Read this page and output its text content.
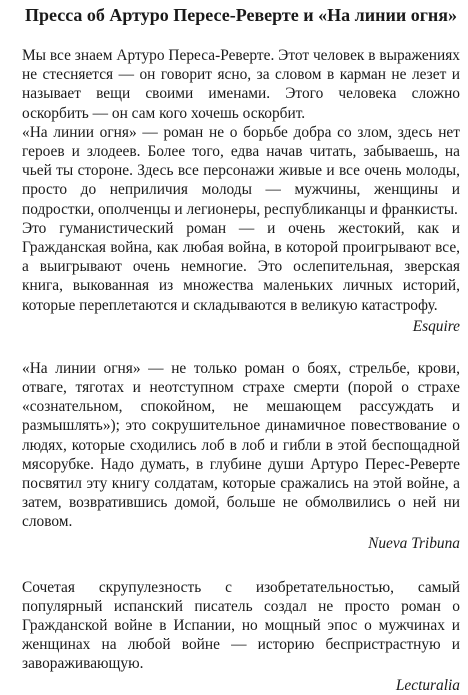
Пресса об Артуро Пересе-Реверте и «На линии огня»

Мы все знаем Артуро Переса-Реверте. Этот человек в выражениях не стесняется — он говорит ясно, за словом в карман не лезет и называет вещи своими именами. Этого человека сложно оскорбить — он сам кого хочешь оскорбит.

«На линии огня» — роман не о борьбе добра со злом, здесь нет героев и злодеев. Более того, едва начав читать, забываешь, на чьей ты стороне. Здесь все персонажи живые и все очень молоды, просто до неприличия молоды — мужчины, женщины и подростки, ополченцы и легионеры, республиканцы и франкисты.

Это гуманистический роман — и очень жестокий, как и Гражданская война, как любая война, в которой проигрывают все, а выигрывают очень немногие. Это ослепительная, зверская книга, выкованная из множества маленьких личных историй, которые переплетаются и складываются в великую катастрофу.

Esquire

«На линии огня» — не только роман о боях, стрельбе, крови, отваге, тяготах и неотступном страхе смерти (порой о страхе «сознательном, спокойном, не мешающем рассуждать и размышлять»); это сокрушительное динамичное повествование о людях, которые сходились лоб в лоб и гибли в этой беспощадной мясорубке. Надо думать, в глубине души Артуро Перес-Реверте посвятил эту книгу солдатам, которые сражались на этой войне, а затем, возвратившись домой, больше не обмолвились о ней ни словом.

Nueva Tribuna

Сочетая скрупулезность с изобретательностью, самый популярный испанский писатель создал не просто роман о Гражданской войне в Испании, но мощный эпос о мужчинах и женщинах на любой войне — историю беспристрастную и завораживающую.

Lecturalia
